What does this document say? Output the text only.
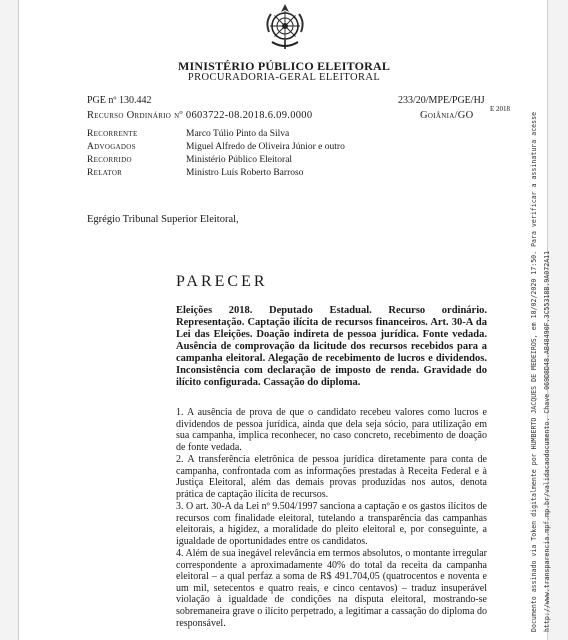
MINISTÉRIO PÚBLICO ELEITORAL
PROCURADORIA-GERAL ELEITORAL
PGE nº 130.442	233/20/MPE/PGE/HJ
E 2018
Recurso Ordinário nº 0603722-08.2018.6.09.0000	Goiânia/GO
Recorrente	Marco Túlio Pinto da Silva
Advogados	Miguel Alfredo de Oliveira Júnior e outro
Recorrido	Ministério Público Eleitoral
Relator	Ministro Luís Roberto Barroso
Egrégio Tribunal Superior Eleitoral,
PARECER
Eleições 2018. Deputado Estadual. Recurso ordinário. Representação. Captação ilícita de recursos financeiros. Art. 30-A da Lei das Eleições. Doação indireta de pessoa jurídica. Fonte vedada. Ausência de comprovação da licitude dos recursos recebidos para a campanha eleitoral. Alegação de recebimento de lucros e dividendos. Inconsistência com declaração de imposto de renda. Gravidade do ilícito configurada. Cassação do diploma.
1. A ausência de prova de que o candidato recebeu valores como lucros e dividendos de pessoa jurídica, ainda que dela seja sócio, para utilização em sua campanha, implica reconhecer, no caso concreto, recebimento de doação de fonte vedada.
2. A transferência eletrônica de pessoa jurídica diretamente para conta de campanha, confrontada com as informações prestadas à Receita Federal e à Justiça Eleitoral, além das demais provas produzidas nos autos, denota prática de captação ilícita de recursos.
3. O art. 30-A da Lei nº 9.504/1997 sanciona a captação e os gastos ilícitos de recursos com finalidade eleitoral, tutelando a transparência das campanhas eleitorais, a higidez, a moralidade do pleito eleitoral e, por conseguinte, a igualdade de oportunidades entre os candidatos.
4. Além de sua inegável relevância em termos absolutos, o montante irregular correspondente a aproximadamente 40% do total da receita da campanha eleitoral – a qual perfaz a soma de R$ 491.704,05 (quatrocentos e noventa e um mil, setecentos e quatro reais, e cinco centavos) – traduz insuperável violação à igualdade de condições na disputa eleitoral, mostrando-se sobremaneira grave o ilícito perpetrado, a legitimar a cassação do diploma do responsável.	Documento assinado via Token digitalmente por HUMBERTO JACQUES DE MEDEIROS, em 18/02/2020 17:50. Para verificar a assinatura acesse http://www.transparencia.mpf.mp.br/validacaodocumento. Chave 069D8D48.AB48490F.3C55318B.9A072A11
